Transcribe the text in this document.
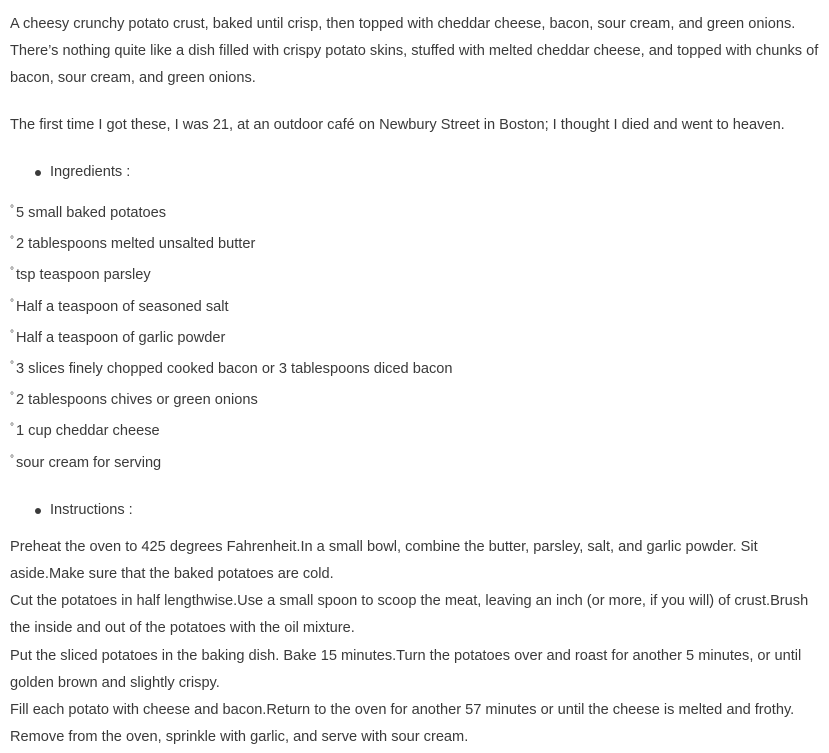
A cheesy crunchy potato crust, baked until crisp, then topped with cheddar cheese, bacon, sour cream, and green onions. There’s nothing quite like a dish filled with crispy potato skins, stuffed with melted cheddar cheese, and topped with chunks of bacon, sour cream, and green onions.

The first time I got these, I was 21, at an outdoor café on Newbury Street in Boston; I thought I died and went to heaven.

Ingredients :
° 5 small baked potatoes
° 2 tablespoons melted unsalted butter
° tsp teaspoon parsley
° Half a teaspoon of seasoned salt
° Half a teaspoon of garlic powder
° 3 slices finely chopped cooked bacon or 3 tablespoons diced bacon
° 2 tablespoons chives or green onions
° 1 cup cheddar cheese
° sour cream for serving
Instructions :

Preheat the oven to 425 degrees Fahrenheit.In a small bowl, combine the butter, parsley, salt, and garlic powder. Sit aside.Make sure that the baked potatoes are cold.

Cut the potatoes in half lengthwise.Use a small spoon to scoop the meat, leaving an inch (or more, if you will) of crust.Brush the inside and out of the potatoes with the oil mixture.

Put the sliced potatoes in the baking dish. Bake 15 minutes.Turn the potatoes over and roast for another 5 minutes, or until golden brown and slightly crispy.

Fill each potato with cheese and bacon.Return to the oven for another 57 minutes or until the cheese is melted and frothy.

Remove from the oven, sprinkle with garlic, and serve with sour cream.
